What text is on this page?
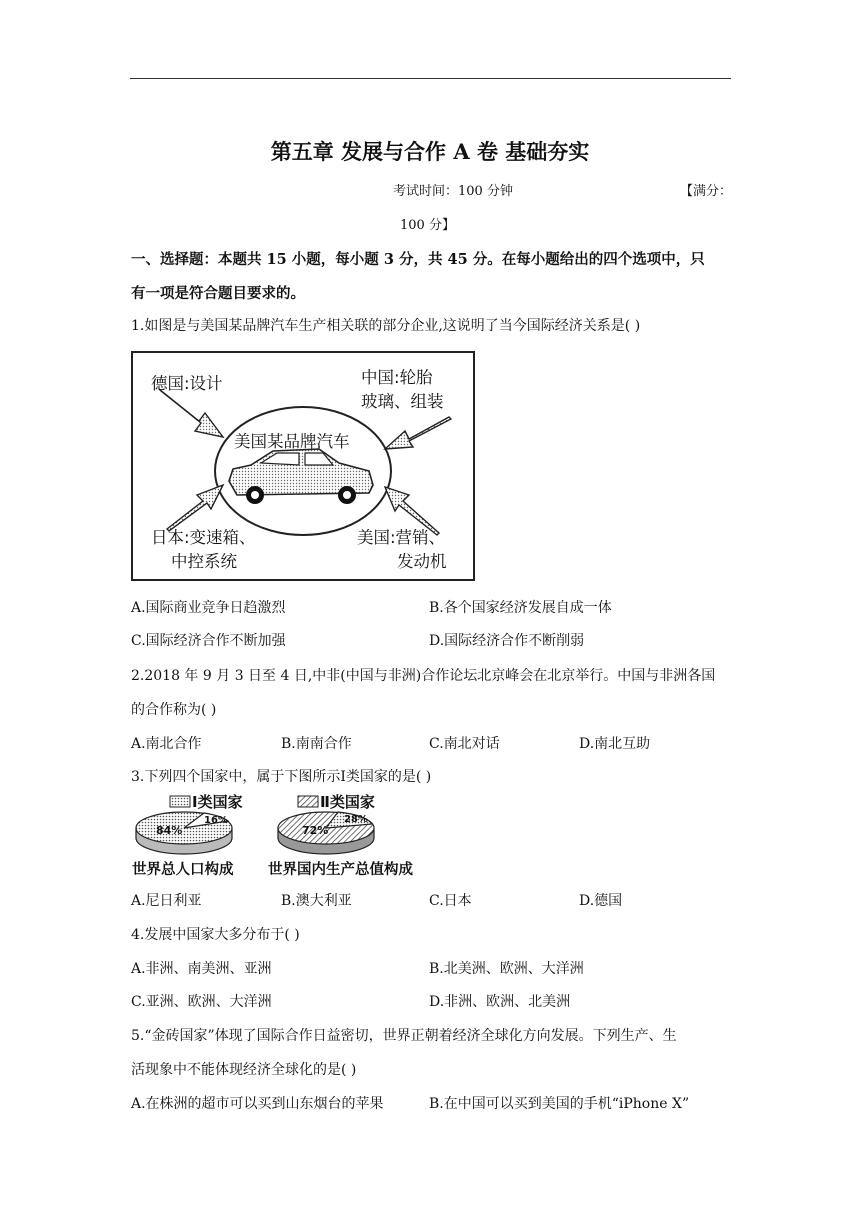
第五章 发展与合作 A 卷 基础夯实
考试时间：100 分钟	【满分：
100 分】
一、选择题：本题共 15 小题，每小题 3 分，共 45 分。在每小题给出的四个选项中，只
有一项是符合题目要求的。
1.如图是与美国某品牌汽车生产相关联的部分企业,这说明了当今国际经济关系是( )
德国:设计	中国:轮胎
玻璃、组装
美国某品牌汽车
日本:变速箱、
中控系统
美国:营销、
发动机
A.国际商业竞争日趋激烈	B.各个国家经济发展自成一体
C.国际经济合作不断加强	D.国际经济合作不断削弱
2.2018 年 9 月 3 日至 4 日,中非(中国与非洲)合作论坛北京峰会在北京举行。中国与非洲各国
的合作称为( )
A.南北合作	B.南南合作	C.南北对话	D.南北互助
3.下列四个国家中，属于下图所示Ⅰ类国家的是( )
Ⅰ类国家	Ⅱ类国家
84%
16%
72%
28%
世界总人口构成 世界国内生产总值构成
A.尼日利亚	B.澳大利亚	C.日本	D.德国
4.发展中国家大多分布于( )
A.非洲、南美洲、亚洲	B.北美洲、欧洲、大洋洲
C.亚洲、欧洲、大洋洲	D.非洲、欧洲、北美洲
5.“金砖国家”体现了国际合作日益密切，世界正朝着经济全球化方向发展。下列生产、生
活现象中不能体现经济全球化的是( )
A.在株洲的超市可以买到山东烟台的苹果	B.在中国可以买到美国的手机“iPhone X”
